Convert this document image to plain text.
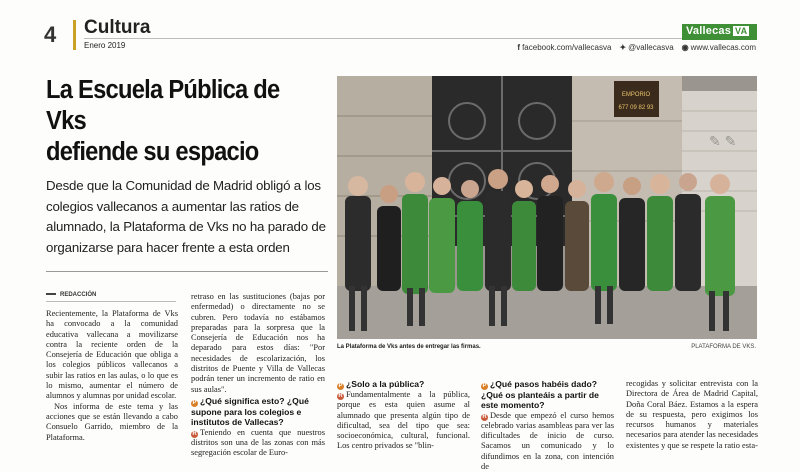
4 Cultura
Enero 2019
Vallecas VA
f facebook.com/vallecasva ✦ @vallecasva ◉ www.vallecas.com
La Escuela Pública de Vks
defiende su espacio
Desde que la Comunidad de Madrid obligó a los colegios vallecanos a aumentar las ratios de alumnado, la Plataforma de Vks no ha parado de organizarse para hacer frente a esta orden
EMPORIO
677 09 82 93
✎ ✎
La Plataforma de Vks antes de entregar las firmas.	PLATAFORMA DE VKS.
REDACCIÓN

Recientemente, la Plataforma de Vks ha convocado a la comunidad educativa vallecana a movilizarse contra la reciente orden de la Consejería de Educación que obliga a los colegios públicos vallecanos a subir las ratios en las aulas, o lo que es lo mismo, aumentar el número de alumnos y alumnas por unidad escolar.

Nos informa de este tema y las acciones que se están llevando a cabo Consuelo Garrido, miembro de la Plataforma.

retraso en las sustituciones (bajas por enfermedad) o directamente no se cubren. Pero todavía no estábamos preparadas para la sorpresa que la Consejería de Educación nos ha deparado para estos días: "Por necesidades de escolarización, los distritos de Puente y Villa de Vallecas podrán tener un incremento de ratio en sus aulas".

P ¿Qué significa esto? ¿Qué supone para los colegios e institutos de Vallecas?

R Teniendo en cuenta que nuestros distritos son una de las zonas con más segregación escolar de Euro-

P ¿Solo a la pública?

R Fundamentalmente a la pública, porque es esta quien asume al alumnado que presenta algún tipo de dificultad, sea del tipo que sea: socioeconómica, cultural, funcional. Los centro privados se "blin-

P ¿Qué pasos habéis dado? ¿Qué os planteáis a partir de este momento?

R Desde que empezó el curso hemos celebrado varias asambleas para ver las dificultades de inicio de curso. Sacamos un comunicado y lo difundimos en la zona, con intención de

recogidas y solicitar entrevista con la Directora de Área de Madrid Capital, Doña Coral Báez. Estamos a la espera de su respuesta, pero exigimos los recursos humanos y materiales necesarios para atender las necesidades existentes y que se respete la ratio esta-
